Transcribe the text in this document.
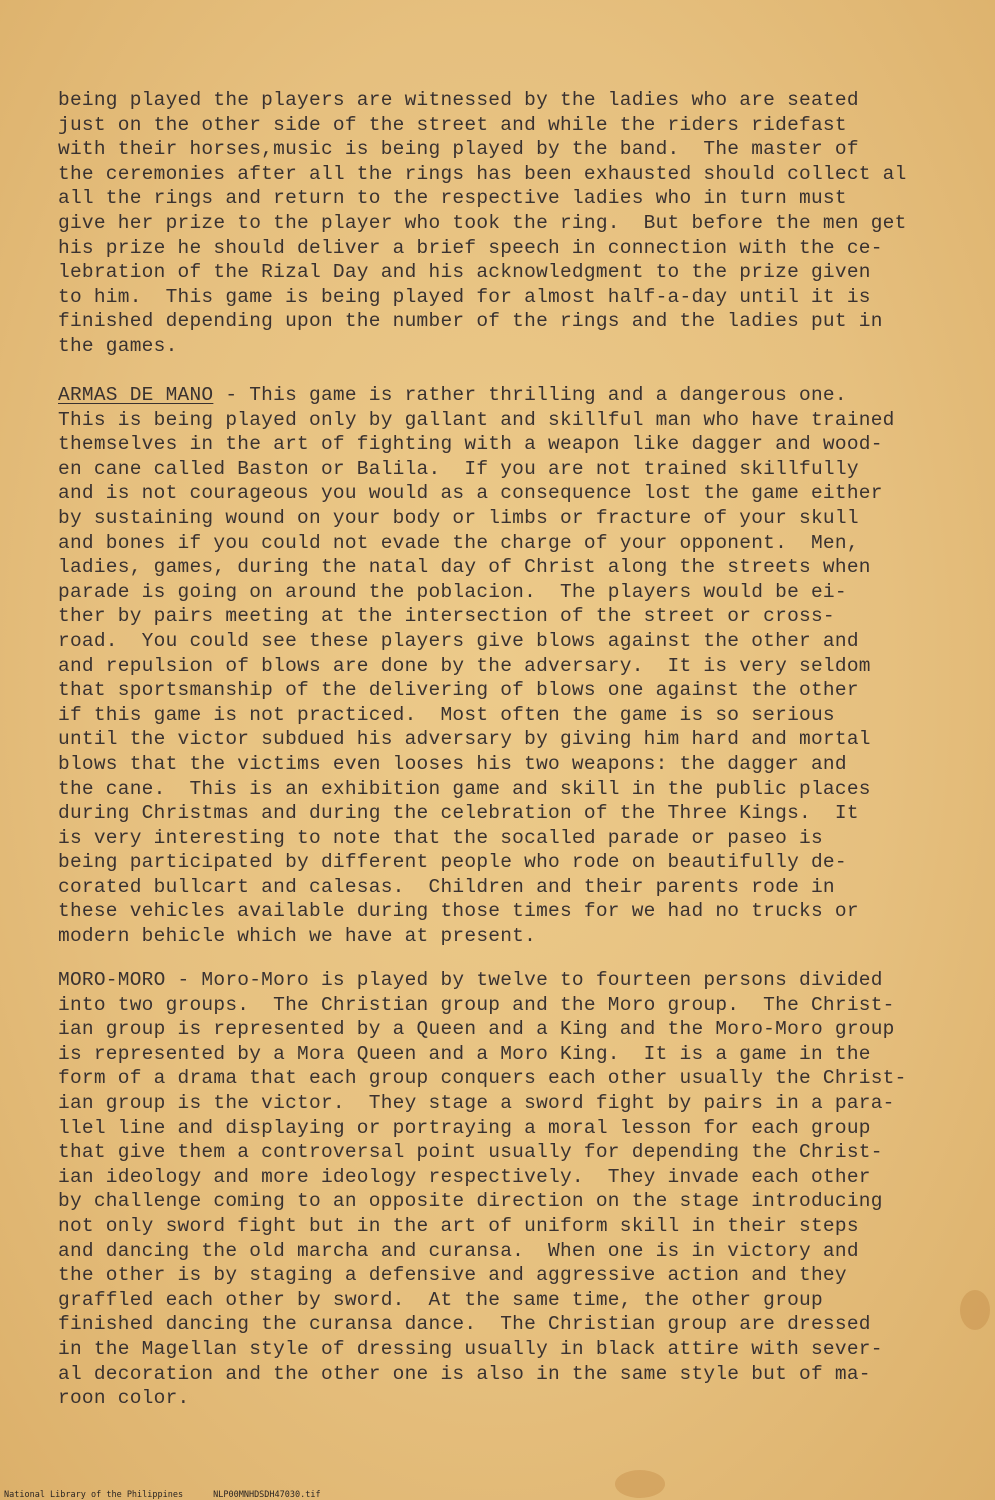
being played the players are witnessed by the ladies who are seated
just on the other side of the street and while the riders ridefast
with their horses,music is being played by the band.  The master of
the ceremonies after all the rings has been exhausted should collect al
all the rings and return to the respective ladies who in turn must
give her prize to the player who took the ring.  But before the men get
his prize he should deliver a brief speech in connection with the ce-
lebration of the Rizal Day and his acknowledgment to the prize given
to him.  This game is being played for almost half-a-day until it is
finished depending upon the number of the rings and the ladies put in
the games.
ARMAS DE MANO - This game is rather thrilling and a dangerous one.
This is being played only by gallant and skillful man who have trained
themselves in the art of fighting with a weapon like dagger and wood-
en cane called Baston or Balila.  If you are not trained skillfully
and is not courageous you would as a consequence lost the game either
by sustaining wound on your body or limbs or fracture of your skull
and bones if you could not evade the charge of your opponent.  Men,
ladies, games, during the natal day of Christ along the streets when
parade is going on around the poblacion.  The players would be ei-
ther by pairs meeting at the intersection of the street or cross-
road.  You could see these players give blows against the other and
and repulsion of blows are done by the adversary.  It is very seldom
that sportsmanship of the delivering of blows one against the other
if this game is not practiced.  Most often the game is so serious
until the victor subdued his adversary by giving him hard and mortal
blows that the victims even looses his two weapons: the dagger and
the cane.  This is an exhibition game and skill in the public places
during Christmas and during the celebration of the Three Kings.  It
is very interesting to note that the socalled parade or paseo is
being participated by different people who rode on beautifully de-
corated bullcart and calesas.  Children and their parents rode in
these vehicles available during those times for we had no trucks or
modern behicle which we have at present.
MORO-MORO - Moro-Moro is played by twelve to fourteen persons divided
into two groups.  The Christian group and the Moro group.  The Christ-
ian group is represented by a Queen and a King and the Moro-Moro group
is represented by a Mora Queen and a Moro King.  It is a game in the
form of a drama that each group conquers each other usually the Christ-
ian group is the victor.  They stage a sword fight by pairs in a para-
llel line and displaying or portraying a moral lesson for each group
that give them a controversal point usually for depending the Christ-
ian ideology and more ideology respectively.  They invade each other
by challenge coming to an opposite direction on the stage introducing
not only sword fight but in the art of uniform skill in their steps
and dancing the old marcha and curansa.  When one is in victory and
the other is by staging a defensive and aggressive action and they
graffled each other by sword.  At the same time, the other group
finished dancing the curansa dance.  The Christian group are dressed
in the Magellan style of dressing usually in black attire with sever-
al decoration and the other one is also in the same style but of ma-
roon color.
National Library of the Philippines	NLP00MNHDSDH47030.tif
